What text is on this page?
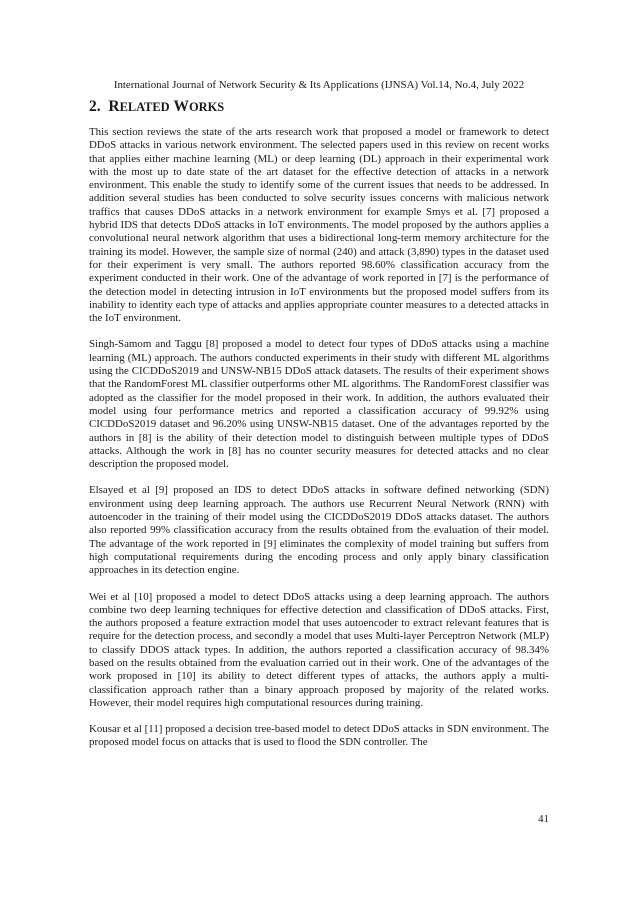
International Journal of Network Security & Its Applications (IJNSA) Vol.14, No.4, July 2022
2. RELATED WORKS

This section reviews the state of the arts research work that proposed a model or framework to detect DDoS attacks in various network environment. The selected papers used in this review on recent works that applies either machine learning (ML) or deep learning (DL) approach in their experimental work with the most up to date state of the art dataset for the effective detection of attacks in a network environment. This enable the study to identify some of the current issues that needs to be addressed. In addition several studies has been conducted to solve security issues concerns with malicious network traffics that causes DDoS attacks in a network environment for example Smys et al. [7] proposed a hybrid IDS that detects DDoS attacks in IoT environments. The model proposed by the authors applies a convolutional neural network algorithm that uses a bidirectional long-term memory architecture for the training its model. However, the sample size of normal (240) and attack (3,890) types in the dataset used for their experiment is very small. The authors reported 98.60% classification accuracy from the experiment conducted in their work. One of the advantage of work reported in [7] is the performance of the detection model in detecting intrusion in IoT environments but the proposed model suffers from its inability to identity each type of attacks and applies appropriate counter measures to a detected attacks in the IoT environment.

Singh-Samom and Taggu [8] proposed a model to detect four types of DDoS attacks using a machine learning (ML) approach. The authors conducted experiments in their study with different ML algorithms using the CICDDoS2019 and UNSW-NB15 DDoS attack datasets. The results of their experiment shows that the RandomForest ML classifier outperforms other ML algorithms. The RandomForest classifier was adopted as the classifier for the model proposed in their work. In addition, the authors evaluated their model using four performance metrics and reported a classification accuracy of 99.92% using CICDDoS2019 dataset and 96.20% using UNSW-NB15 dataset. One of the advantages reported by the authors in [8] is the ability of their detection model to distinguish between multiple types of DDoS attacks. Although the work in [8] has no counter security measures for detected attacks and no clear description the proposed model.

Elsayed et al [9] proposed an IDS to detect DDoS attacks in software defined networking (SDN) environment using deep learning approach. The authors use Recurrent Neural Network (RNN) with autoencoder in the training of their model using the CICDDoS2019 DDoS attacks dataset. The authors also reported 99% classification accuracy from the results obtained from the evaluation of their model. The advantage of the work reported in [9] eliminates the complexity of model training but suffers from high computational requirements during the encoding process and only apply binary classification approaches in its detection engine.

Wei et al [10] proposed a model to detect DDoS attacks using a deep learning approach. The authors combine two deep learning techniques for effective detection and classification of DDoS attacks. First, the authors proposed a feature extraction model that uses autoencoder to extract relevant features that is require for the detection process, and secondly a model that uses Multi-layer Perceptron Network (MLP) to classify DDOS attack types. In addition, the authors reported a classification accuracy of 98.34% based on the results obtained from the evaluation carried out in their work. One of the advantages of the work proposed in [10] its ability to detect different types of attacks, the authors apply a multi-classification approach rather than a binary approach proposed by majority of the related works. However, their model requires high computational resources during training.

Kousar et al [11] proposed a decision tree-based model to detect DDoS attacks in SDN environment. The proposed model focus on attacks that is used to flood the SDN controller. The

41
